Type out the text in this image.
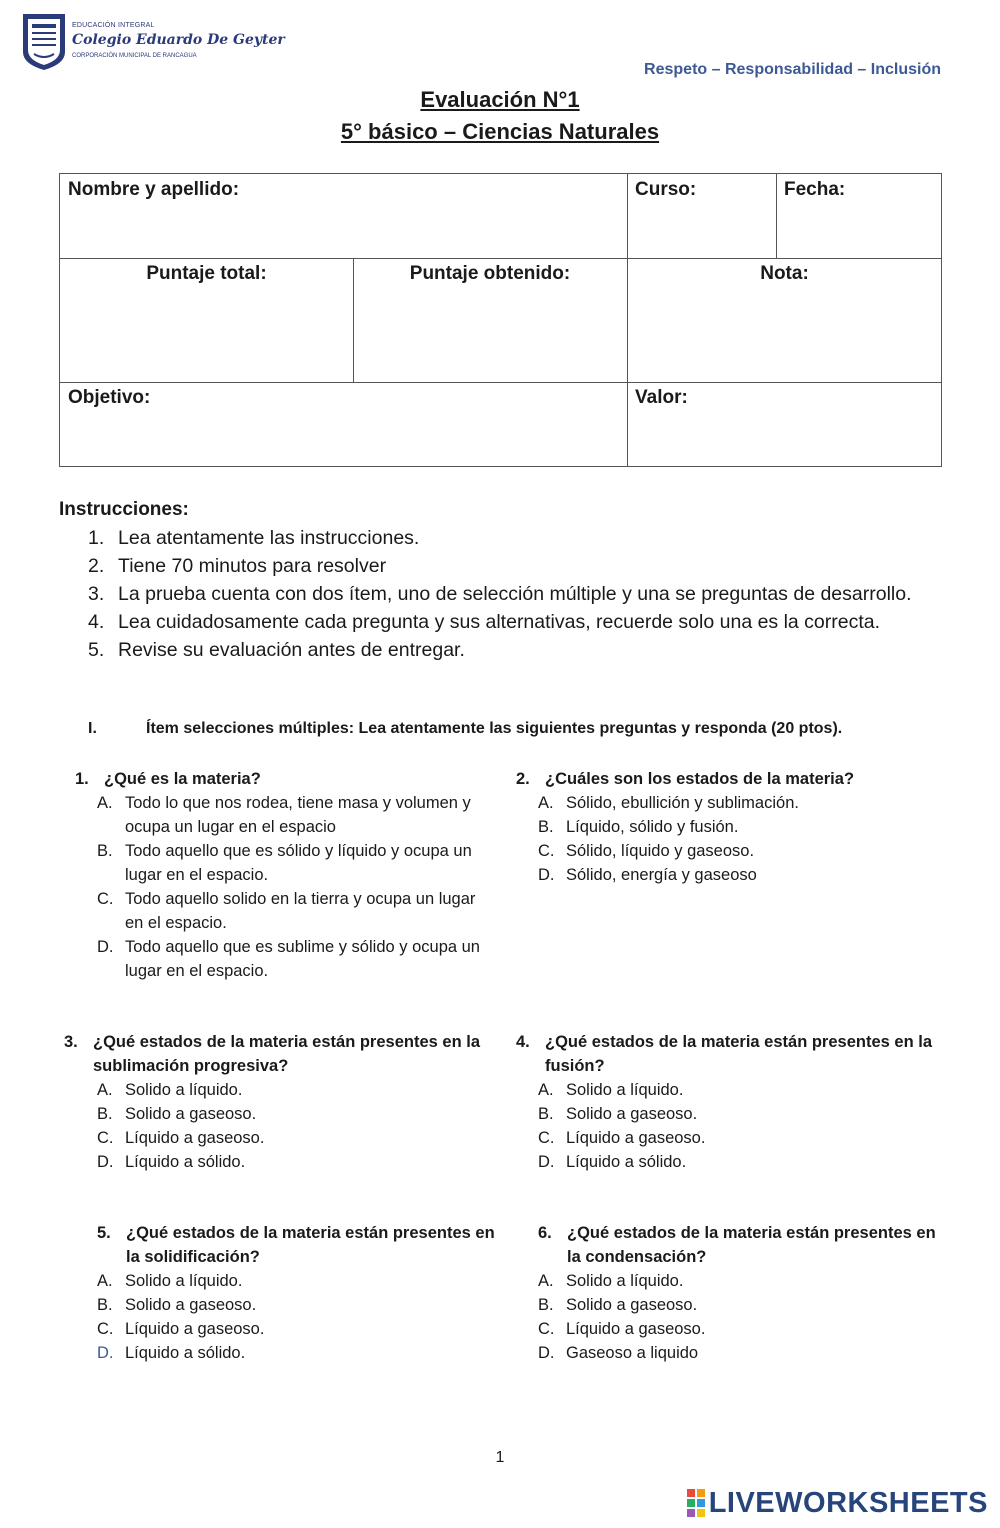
EDUCACIÓN INTEGRAL
Colegio Eduardo De Geyter
CORPORACIÓN MUNICIPAL DE RANCAGUA
Respeto – Responsabilidad – Inclusión
Evaluación N°1
5° básico – Ciencias Naturales
Nombre y apellido:	Curso:	Fecha:
Puntaje total:	Puntaje obtenido:	Nota:
Objetivo:	Valor:
Instrucciones:
1. Lea atentamente las instrucciones.
2. Tiene 70 minutos para resolver
3. La prueba cuenta con dos ítem, uno de selección múltiple y una se preguntas de desarrollo.
4. Lea cuidadosamente cada pregunta y sus alternativas, recuerde solo una es la correcta.
5. Revise su evaluación antes de entregar.
I.	Ítem selecciones múltiples: Lea atentamente las siguientes preguntas y responda (20 ptos).
1. ¿Qué es la materia?
A. Todo lo que nos rodea, tiene masa y volumen y ocupa un lugar en el espacio
B. Todo aquello que es sólido y líquido y ocupa un lugar en el espacio.
C. Todo aquello solido en la tierra y ocupa un lugar en el espacio.
D. Todo aquello que es sublime y sólido y ocupa un lugar en el espacio.
2. ¿Cuáles son los estados de la materia?
A. Sólido, ebullición y sublimación.
B. Líquido, sólido y fusión.
C. Sólido, líquido y gaseoso.
D. Sólido, energía y gaseoso
3. ¿Qué estados de la materia están presentes en la sublimación progresiva?
A. Solido a líquido.
B. Solido a gaseoso.
C. Líquido a gaseoso.
D. Líquido a sólido.
4. ¿Qué estados de la materia están presentes en la fusión?
A. Solido a líquido.
B. Solido a gaseoso.
C. Líquido a gaseoso.
D. Líquido a sólido.
5. ¿Qué estados de la materia están presentes en la solidificación?
A. Solido a líquido.
B. Solido a gaseoso.
C. Líquido a gaseoso.
D. Líquido a sólido.
6. ¿Qué estados de la materia están presentes en la condensación?
A. Solido a líquido.
B. Solido a gaseoso.
C. Líquido a gaseoso.
D. Gaseoso a liquido
1
LIVEWORKSHEETS
